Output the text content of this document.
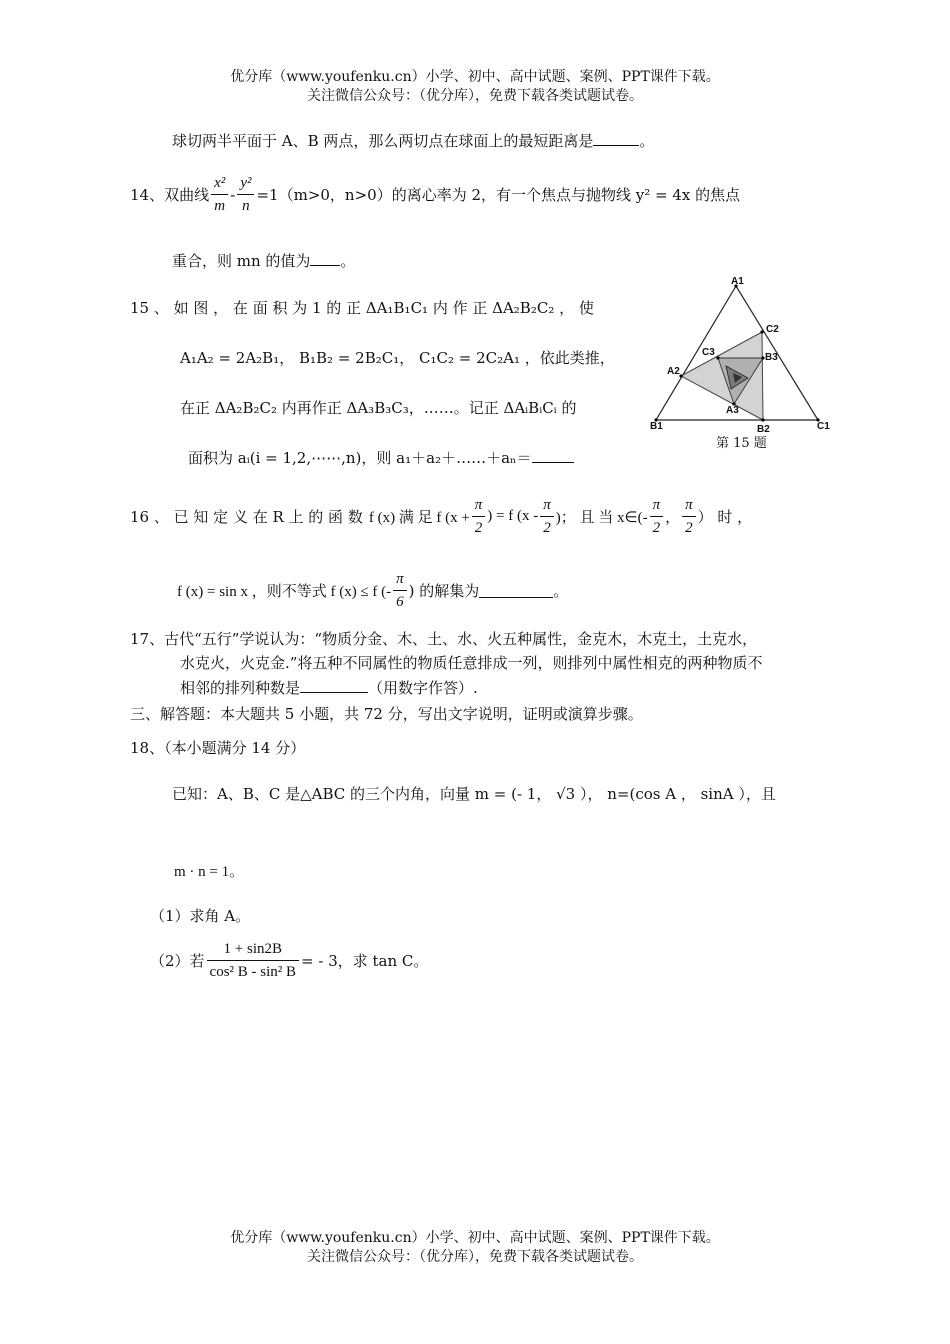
优分库（www.youfenku.cn）小学、初中、高中试题、案例、PPT课件下载。
关注微信公众号：（优分库），免费下载各类试题试卷。
球切两半平面于 A、B 两点，那么两切点在球面上的最短距离是	。
14、双曲线 $\frac{\text{x²}}{m} - \frac{\text{y²}}{n} =1(m>0$，n>0）的离心率为 2，有一个焦点与抛物线 y² = 4x 的焦点
重合，则 mn 的值为 。
15 、 如 图 ， 在 面 积 为 1 的 正 ΔA₁B₁C₁ 内 作 正 ΔA₂B₂C₂ ， 使
A₁A₂ = 2A₂B₁， B₁B₂ = 2B₂C₁， C₁C₂ = 2C₂A₁ ，依此类推，
在正 ΔA₂B₂C₂ 内再作正 ΔA₃B₃C₃，……。记正 ΔAᵢBᵢCᵢ 的
面积为 aᵢ(i = 1,2,⋯⋯,n)，则 a₁＋a₂＋……＋aₙ＝
A1
C2
C3	B3
A2
A3
B1	B2	C1
第 15 题
16 、 已 知 定 义 在 R 上 的 函 数 f (x) 满 足 f ($x + \frac{\pi}{2}$ ) = f ($x - \frac{\pi}{2}$ )； 且 当 x∈(- $\frac{\pi}{2}$ ， $\frac{\pi}{2}$ ） 时 ，
f (x) = sin x ，则不等式 f (x) ≤ f (- $\frac{\pi}{6}$ ) 的解集为	。
17、古代“五行”学说认为：“物质分金、木、土、水、火五种属性，金克木，木克土，土克水，
水克火，火克金.”将五种不同属性的物质任意排成一列，则排列中属性相克的两种物质不
相邻的排列种数是	（用数字作答）.
三、解答题：本大题共 5 小题，共 72 分，写出文字说明，证明或演算步骤。
18、（本小题满分 14 分）
已知：A、B、C 是△ABC 的三个内角，向量 m = (- 1， √3 ）， n=(cos A ， sinA ），且
m · n = 1。
（1）求角 A。
（2）若 $\frac{1 + \sin 2B}{\text{cos² B - sin² B}}$ = - 3，求 tan C。
优分库（www.youfenku.cn）小学、初中、高中试题、案例、PPT课件下载。
关注微信公众号：（优分库），免费下载各类试题试卷。
